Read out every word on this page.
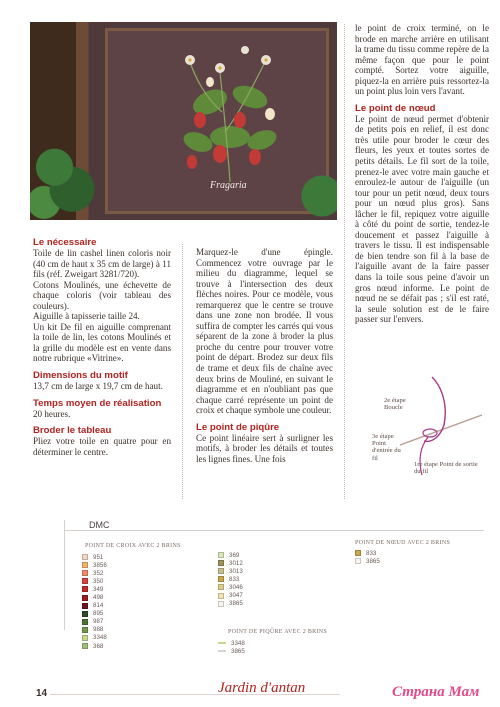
Fragaria
Le nécessaire

Toile de lin cashel linen coloris noir (40 cm de haut x 35 cm de large) à 11 fils (réf. Zweigart 3281/720).

Cotons Moulinés, une échevette de chaque coloris (voir tableau des couleurs).

Aiguille à tapisserie taille 24.

Un kit De fil en aiguille comprenant la toile de lin, les cotons Moulinés et la grille du modèle est en vente dans notre rubrique «Vitrine».

Dimensions du motif

13,7 cm de large x 19,7 cm de haut.

Temps moyen de réalisation

20 heures.

Broder le tableau

Pliez votre toile en quatre pour en déterminer le centre.

Marquez-le d'une épingle. Commencez votre ouvrage par le milieu du diagramme, lequel se trouve à l'intersection des deux flèches noires. Pour ce modèle, vous remarquerez que le centre se trouve dans une zone non brodée. Il vous suffira de compter les carrés qui vous séparent de la zone à broder la plus proche du centre pour trouver votre point de départ. Brodez sur deux fils de trame et deux fils de chaîne avec deux brins de Mouliné, en suivant le diagramme et en n'oubliant pas que chaque carré représente un point de croix et chaque symbole une couleur.

Le point de piqûre

Ce point linéaire sert à surligner les motifs, à broder les détails et toutes les lignes fines. Une fois

le point de croix terminé, on le brode en marche arrière en utilisant la trame du tissu comme repère de la même façon que pour le point compté. Sortez votre aiguille, piquez-la en arrière puis ressortez-la un point plus loin vers l'avant.

Le point de nœud

Le point de nœud permet d'obtenir de petits pois en relief, il est donc très utile pour broder le cœur des fleurs, les yeux et toutes sortes de petits détails. Le fil sort de la toile, prenez-le avec votre main gauche et enroulez-le autour de l'aiguille (un tour pour un petit nœud, deux tours pour un nœud plus gros). Sans lâcher le fil, repiquez votre aiguille à côté du point de sortie, tendez-le doucement et passez l'aiguille à travers le tissu. Il est indispensable de bien tendre son fil à la base de l'aiguille avant de la faire passer dans la toile sous peine d'avoir un gros nœud informe. Le point de nœud ne se défait pas ; s'il est raté, la seule solution est de le faire passer sur l'envers.

2e étape Boucle
3e étape Point d'entrée du fil
1re étape Point de sortie du fil
DMC
POINT DE CROIX AVEC 2 BRINS
951
3856
352
350
349
498
814
895
987
988
3348
368
369
3012
3013
833
3046
3047
3865
POINT DE PIQÛRE AVEC 2 BRINS
3348
3865
POINT DE NŒUD AVEC 2 BRINS
833
3865
14	Jardin d'antan	Страна Мам
